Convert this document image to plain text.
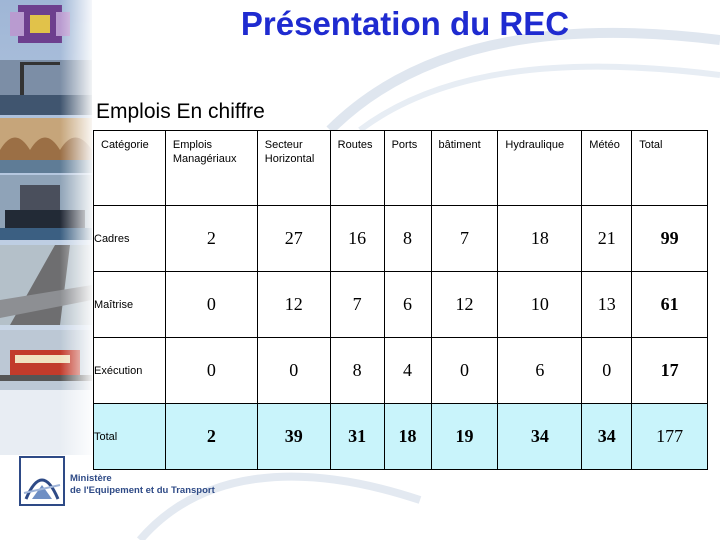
Présentation du REC
Emplois En chiffre
Catégorie	Emplois Managériaux	Secteur Horizontal	Routes	Ports	bâtiment	Hydraulique	Météo	Total
Cadres	2	27	16	8	7	18	21	99
Maîtrise	0	12	7	6	12	10	13	61
Exécution	0	0	8	4	0	6	0	17
Total	2	39	31	18	19	34	34	177
Ministère
de l'Equipement et du Transport
